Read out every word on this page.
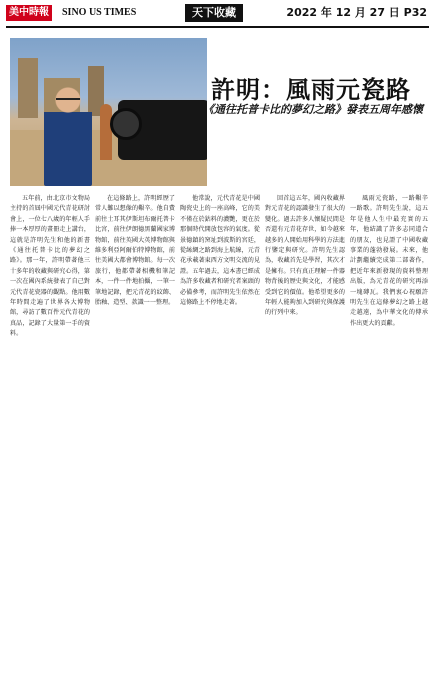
美中時報	SINO US TIMES	天下收藏	2022 年 12 月 27 日 P32
許明：風雨元瓷路
《通往托普卡比的夢幻之路》發表五周年感懷

五年前，由北京市文物局主持的首屆中國元代青花研討會上，一位七八歲的年輕人手捧一本厚厚的畫冊走上講台，這就是許明先生和他的新書《通往托普卡比的夢幻之路》。那一年，許明帶著他三十多年的收藏與研究心得，第一次在國內系統發表了自己對元代青花瓷器的觀點。他用數年時間走遍了世界各大博物館，尋訪了數百件元代青花的真品，記錄了大量第一手的資料。

在這條路上，許明經歷了常人難以想像的艱辛。他自費前往土耳其伊斯坦布爾托普卡比宮，前往伊朗德黑蘭國家博物館，前往英國大英博物館與維多利亞阿爾伯特博物館，前往美國大都會博物館。每一次旅行，他都帶著相機和筆記本，一件一件地拍攝，一筆一筆地記錄，把元青花的紋飾、胎釉、造型、款識一一整理。

他常說，元代青花是中國陶瓷史上的一座高峰，它的美不僅在於鈷料的濃艷，更在於那個時代開放包容的氣度。從景德鎮的窯址到波斯的宮廷，從絲綢之路到海上航線，元青花承載著東西方文明交流的見證。五年過去，這本書已經成為許多收藏者和研究者案頭的必備參考，而許明先生依然在這條路上不停地走著。

回首這五年，國內收藏界對元青花的認識發生了很大的變化。過去許多人懷疑民間是否還有元青花存世，如今越來越多的人開始用科學的方法進行鑒定與研究。許明先生認為，收藏首先是學習，其次才是擁有。只有真正理解一件器物背後的歷史與文化，才能感受到它的價值。他希望更多的年輕人能夠加入到研究與保護的行列中來。

風雨元瓷路，一路艱辛一路歌。許明先生說，這五年是他人生中最充實的五年，他結識了許多志同道合的朋友，也見證了中國收藏事業的蓬勃發展。未來，他計劃繼續完成第二部著作，把近年來新發現的資料整理出版，為元青花的研究再添一塊磚瓦。我們衷心祝願許明先生在這條夢幻之路上越走越遠，為中華文化的傳承作出更大的貢獻。
